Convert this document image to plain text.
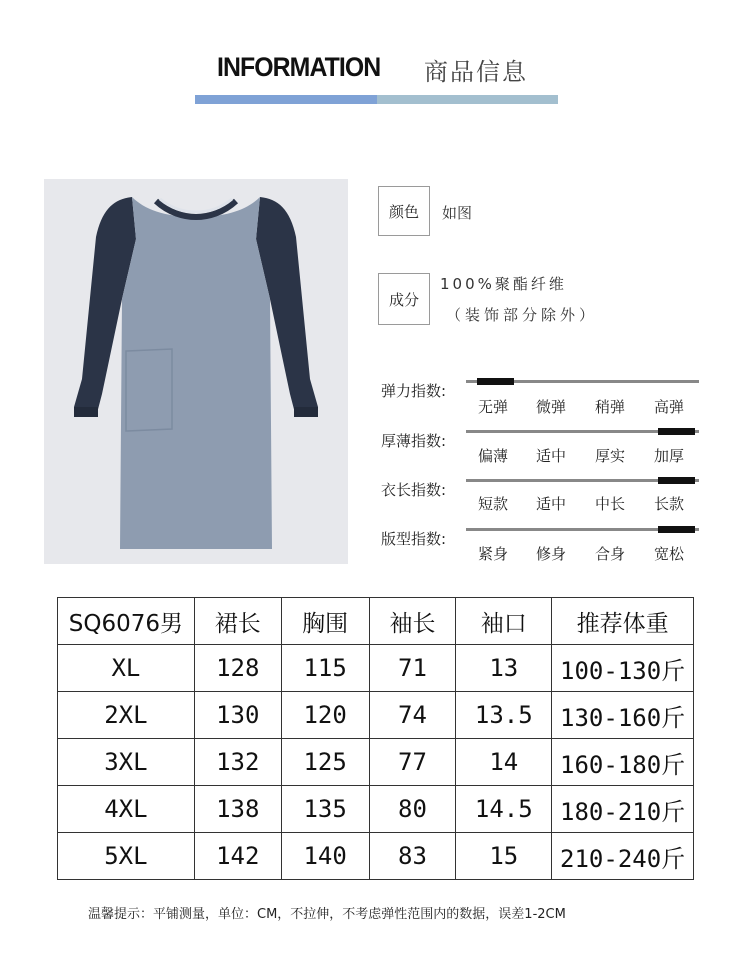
INFORMATION 商品信息
颜色	如图
成分
100%聚酯纤维
（装饰部分除外）
弹力指数:
无弹 微弹 稍弹 高弹
厚薄指数:
偏薄 适中 厚实 加厚
衣长指数:
短款 适中 中长 长款
版型指数:
紧身 修身 合身 宽松
SQ6076男	裙长	胸围	袖长	袖口	推荐体重
XL	128	115	71	13	100-130斤
2XL	130	120	74	13.5	130-160斤
3XL	132	125	77	14	160-180斤
4XL	138	135	80	14.5	180-210斤
5XL	142	140	83	15	210-240斤
温馨提示：平铺测量，单位：CM，不拉伸，不考虑弹性范围内的数据，误差1-2CM
